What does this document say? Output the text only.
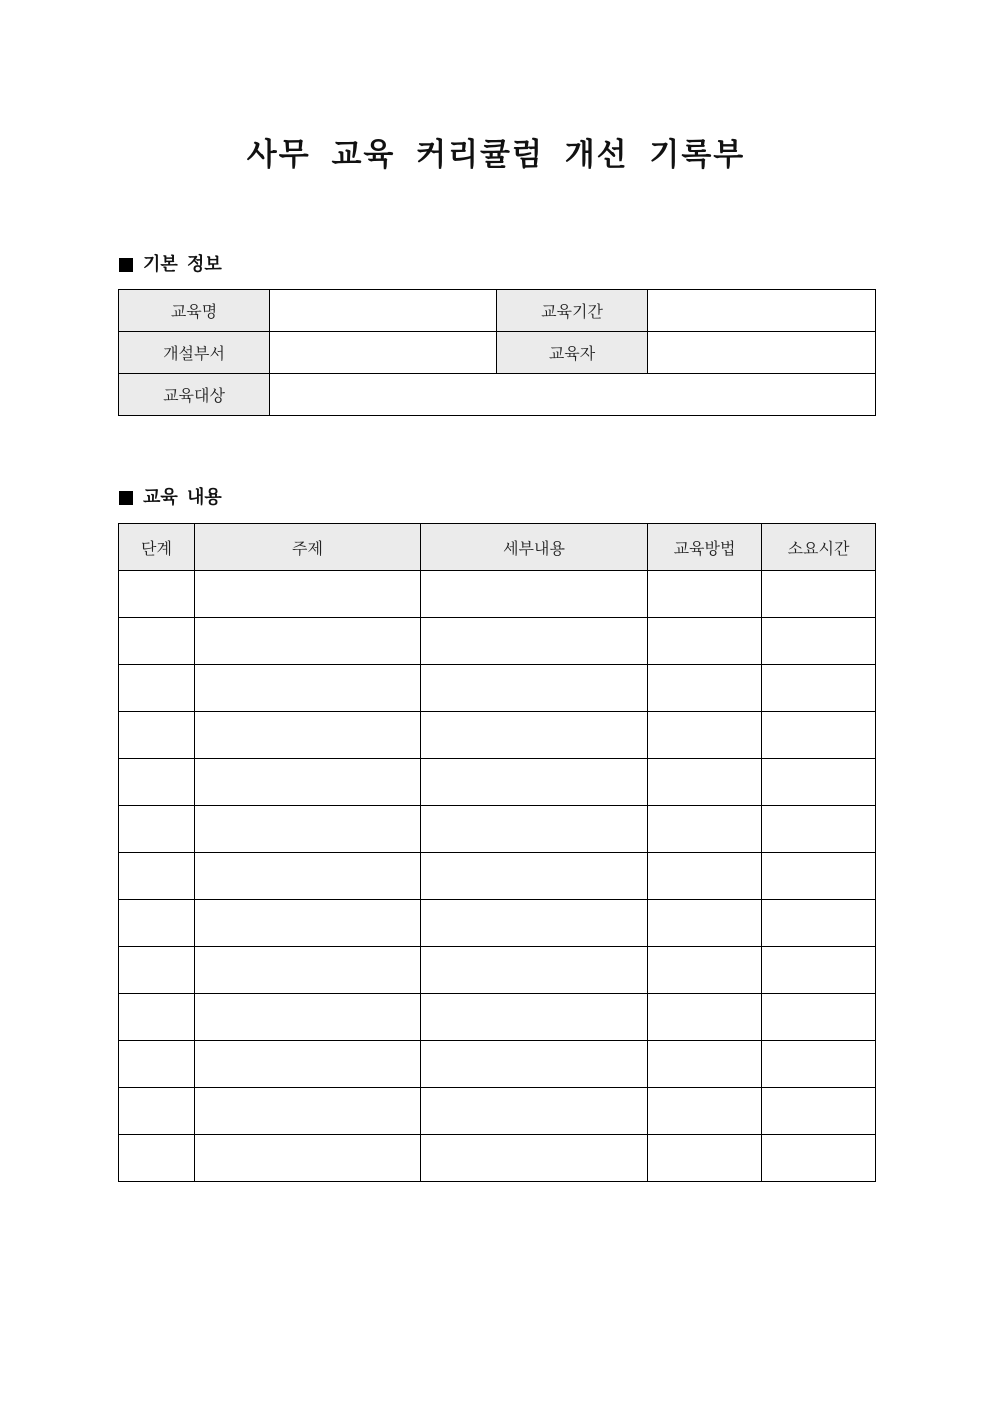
사무 교육 커리큘럼 개선 기록부
기본 정보
교육명		교육기간	
개설부서		교육자	
교육대상			
교육 내용
단계	주제	세부내용	교육방법	소요시간
